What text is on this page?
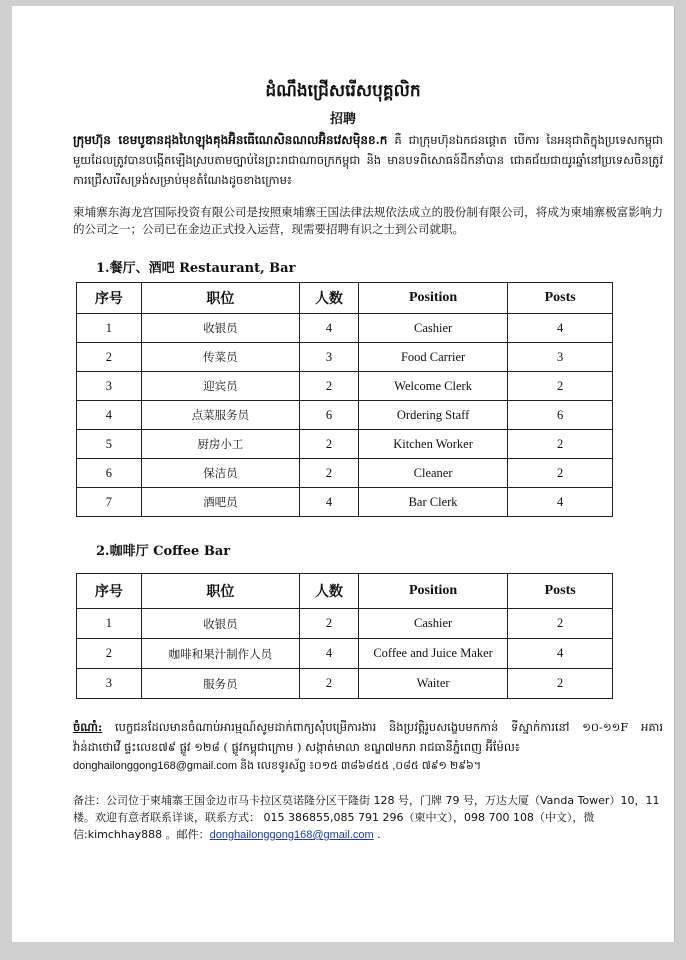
ដំណឹងជ្រើសរើសបុគ្គលិក
招聘
ក្រុមហ៊ុន ខេមបូឌានដុងហៃឡុងគុងអ៊ិនធើណេសិនណលអ៊ិនវេសម៉ិនខ.ក គឺ ជាក្រុមហ៊ុនឯកជនផ្តោត បើការ នៃអនុជាតិក្នុងប្រទេសកម្ពុជាមួយដែលត្រូវបានបង្កើតឡើងស្របតាមច្បាប់នៃព្រះរាជាណាចក្រកម្ពុជា និង មានបទពិសោធន៍ដឹកនាំបាន ជោគជ័យជាយូរឆ្នាំនៅប្រទេសចិនត្រូវការជ្រើសរើសទ្រង់សម្រាប់មុខតំណែងដូចខាងក្រោម៖
柬埔寨东海龙宫国际投资有限公司是按照柬埔寨王国法律法规依法成立的股份制有限公司，将成为柬埔寨极富影响力的公司之一；公司已在金边正式投入运营，现需要招聘有识之士到公司就职。
1.餐厅、酒吧 Restaurant, Bar
序号	职位	人数	Position	Posts
1	收银员	4	Cashier	4
2	传菜员	3	Food Carrier	3
3	迎宾员	2	Welcome Clerk	2
4	点菜服务员	6	Ordering Staff	6
5	厨房小工	2	Kitchen Worker	2
6	保洁员	2	Cleaner	2
7	酒吧员	4	Bar Clerk	4
2.咖啡厅 Coffee Bar
序号	职位	人数	Position	Posts
1	收银员	2	Cashier	2
2	咖啡和果汁制作人员	4	Coffee and Juice Maker	4
3	服务员	2	Waiter	2
ចំណាំ: បេក្ខជនដែលមានចំណាប់អារម្មណ៍សូមដាក់ពាក្យសុំបម្រើការងារ និងប្រវត្តិរូបសង្ខេបមកកាន់ ទីស្នាក់ការនៅ ១០-១១F អគារ វ៉ាន់ដាថោវើ ផ្ទះលេខ៧៩ ផ្លូវ ១២៨ ( ផ្លូវកម្ពុជាក្រោម ) សង្កាត់មាលា ខណ្ឌ៧មករា រាជធានីភ្នំពេញ អ៊ីម៉ែល៖
donghailonggong168@gmail.com និង លេខទូរស័ព្ទ ៖០១៥ ៣៨៦៨៥៥ ,០៨៥ ៧៩១ ២៩៦។
备注：公司位于柬埔寨王国金边市马卡拉区莫诺隆分区干隆街 128 号，门牌 79 号，万达大厦（Vanda Tower）10，11 楼。欢迎有意者联系详谈，联系方式： 015 386855,085 791 296（柬中文），098 700 108（中文），微信:kimchhay888 。邮件：donghailonggong168@gmail.com .
